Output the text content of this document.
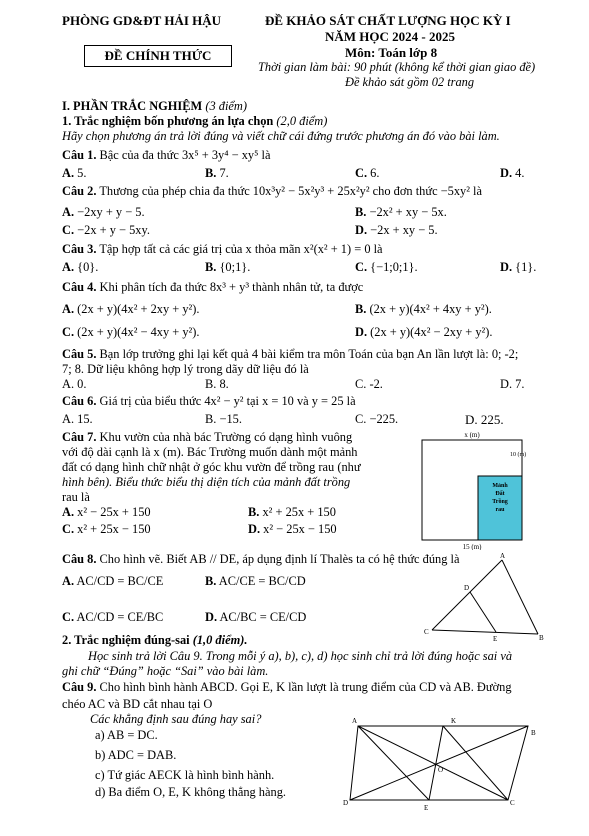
PHÒNG GD&ĐT HẢI HẬU
ĐỀ CHÍNH THỨC
ĐỀ KHẢO SÁT CHẤT LƯỢNG HỌC KỲ I
NĂM HỌC 2024 - 2025
Môn: Toán lớp 8
Thời gian làm bài: 90 phút (không kể thời gian giao đề)
Đề khảo sát gồm 02 trang
I. PHẦN TRẮC NGHIỆM (3 điểm)
1. Trắc nghiệm bốn phương án lựa chọn (2,0 điểm)
Hãy chọn phương án trả lời đúng và viết chữ cái đứng trước phương án đó vào bài làm.
Câu 1. Bậc của đa thức 3x⁵ + 3y⁴ − xy⁵ là
A. 5.	B. 7.	C. 6.	D. 4.
Câu 2. Thương của phép chia đa thức 10x³y² − 5x²y³ + 25x²y² cho đơn thức −5xy² là
A. −2xy + y − 5.	B. −2x² + xy − 5x.
C. −2x + y − 5xy.	D. −2x + xy − 5.
Câu 3. Tập hợp tất cả các giá trị của x thỏa mãn x²(x² + 1) = 0 là
A. {0}.	B. {0;1}.	C. {−1;0;1}.	D. {1}.
Câu 4. Khi phân tích đa thức 8x³ + y³ thành nhân tử, ta được
A. (2x + y)(4x² + 2xy + y²).	B. (2x + y)(4x² + 4xy + y²).
C. (2x + y)(4x² − 4xy + y²).	D. (2x + y)(4x² − 2xy + y²).
Câu 5. Bạn lớp trưởng ghi lại kết quả 4 bài kiểm tra môn Toán của bạn An lần lượt là: 0; -2;
7; 8. Dữ liệu không hợp lý trong dãy dữ liệu đó là
A. 0.	B. 8.	C. -2.	D. 7.
Câu 6. Giá trị của biểu thức 4x² − y² tại x = 10 và y = 25 là
A. 15.	B. −15.	C. −225.	D. 225.
Câu 7. Khu vườn của nhà bác Trường có dạng hình vuông
với độ dài cạnh là x (m). Bác Trường muốn dành một mảnh
đất có dạng hình chữ nhật ở góc khu vườn để trồng rau (như
hình bên). Biểu thức biểu thị diện tích của mảnh đất trồng
rau là
A. x² − 25x + 150	B. x² + 25x + 150
C. x² + 25x − 150	D. x² − 25x − 150
x (m)
10 (m)
Mảnh
Đất
Trồng
rau
15 (m)
Câu 8. Cho hình vẽ. Biết AB // DE, áp dụng định lí Thalès ta có hệ thức đúng là
A. AC/CD = BC/CE	B. AC/CE = BC/CD
C. AC/CD = CE/BC	D. AC/BC = CE/CD
A
D
C
E	B
2. Trắc nghiệm đúng-sai (1,0 điểm).
Học sinh trả lời Câu 9. Trong mỗi ý a), b), c), d) học sinh chỉ trả lời đúng hoặc sai và
ghi chữ “Đúng” hoặc “Sai” vào bài làm.
Câu 9. Cho hình bình hành ABCD. Gọi E, K lần lượt là trung điểm của CD và AB. Đường
chéo AC và BD cắt nhau tại O
Các khẳng định sau đúng hay sai?
a) AB = DC.
b) ADC = DAB.
c) Tứ giác AECK là hình bình hành.
d) Ba điểm O, E, K không thẳng hàng.
A	K
B
O
D
E
C
